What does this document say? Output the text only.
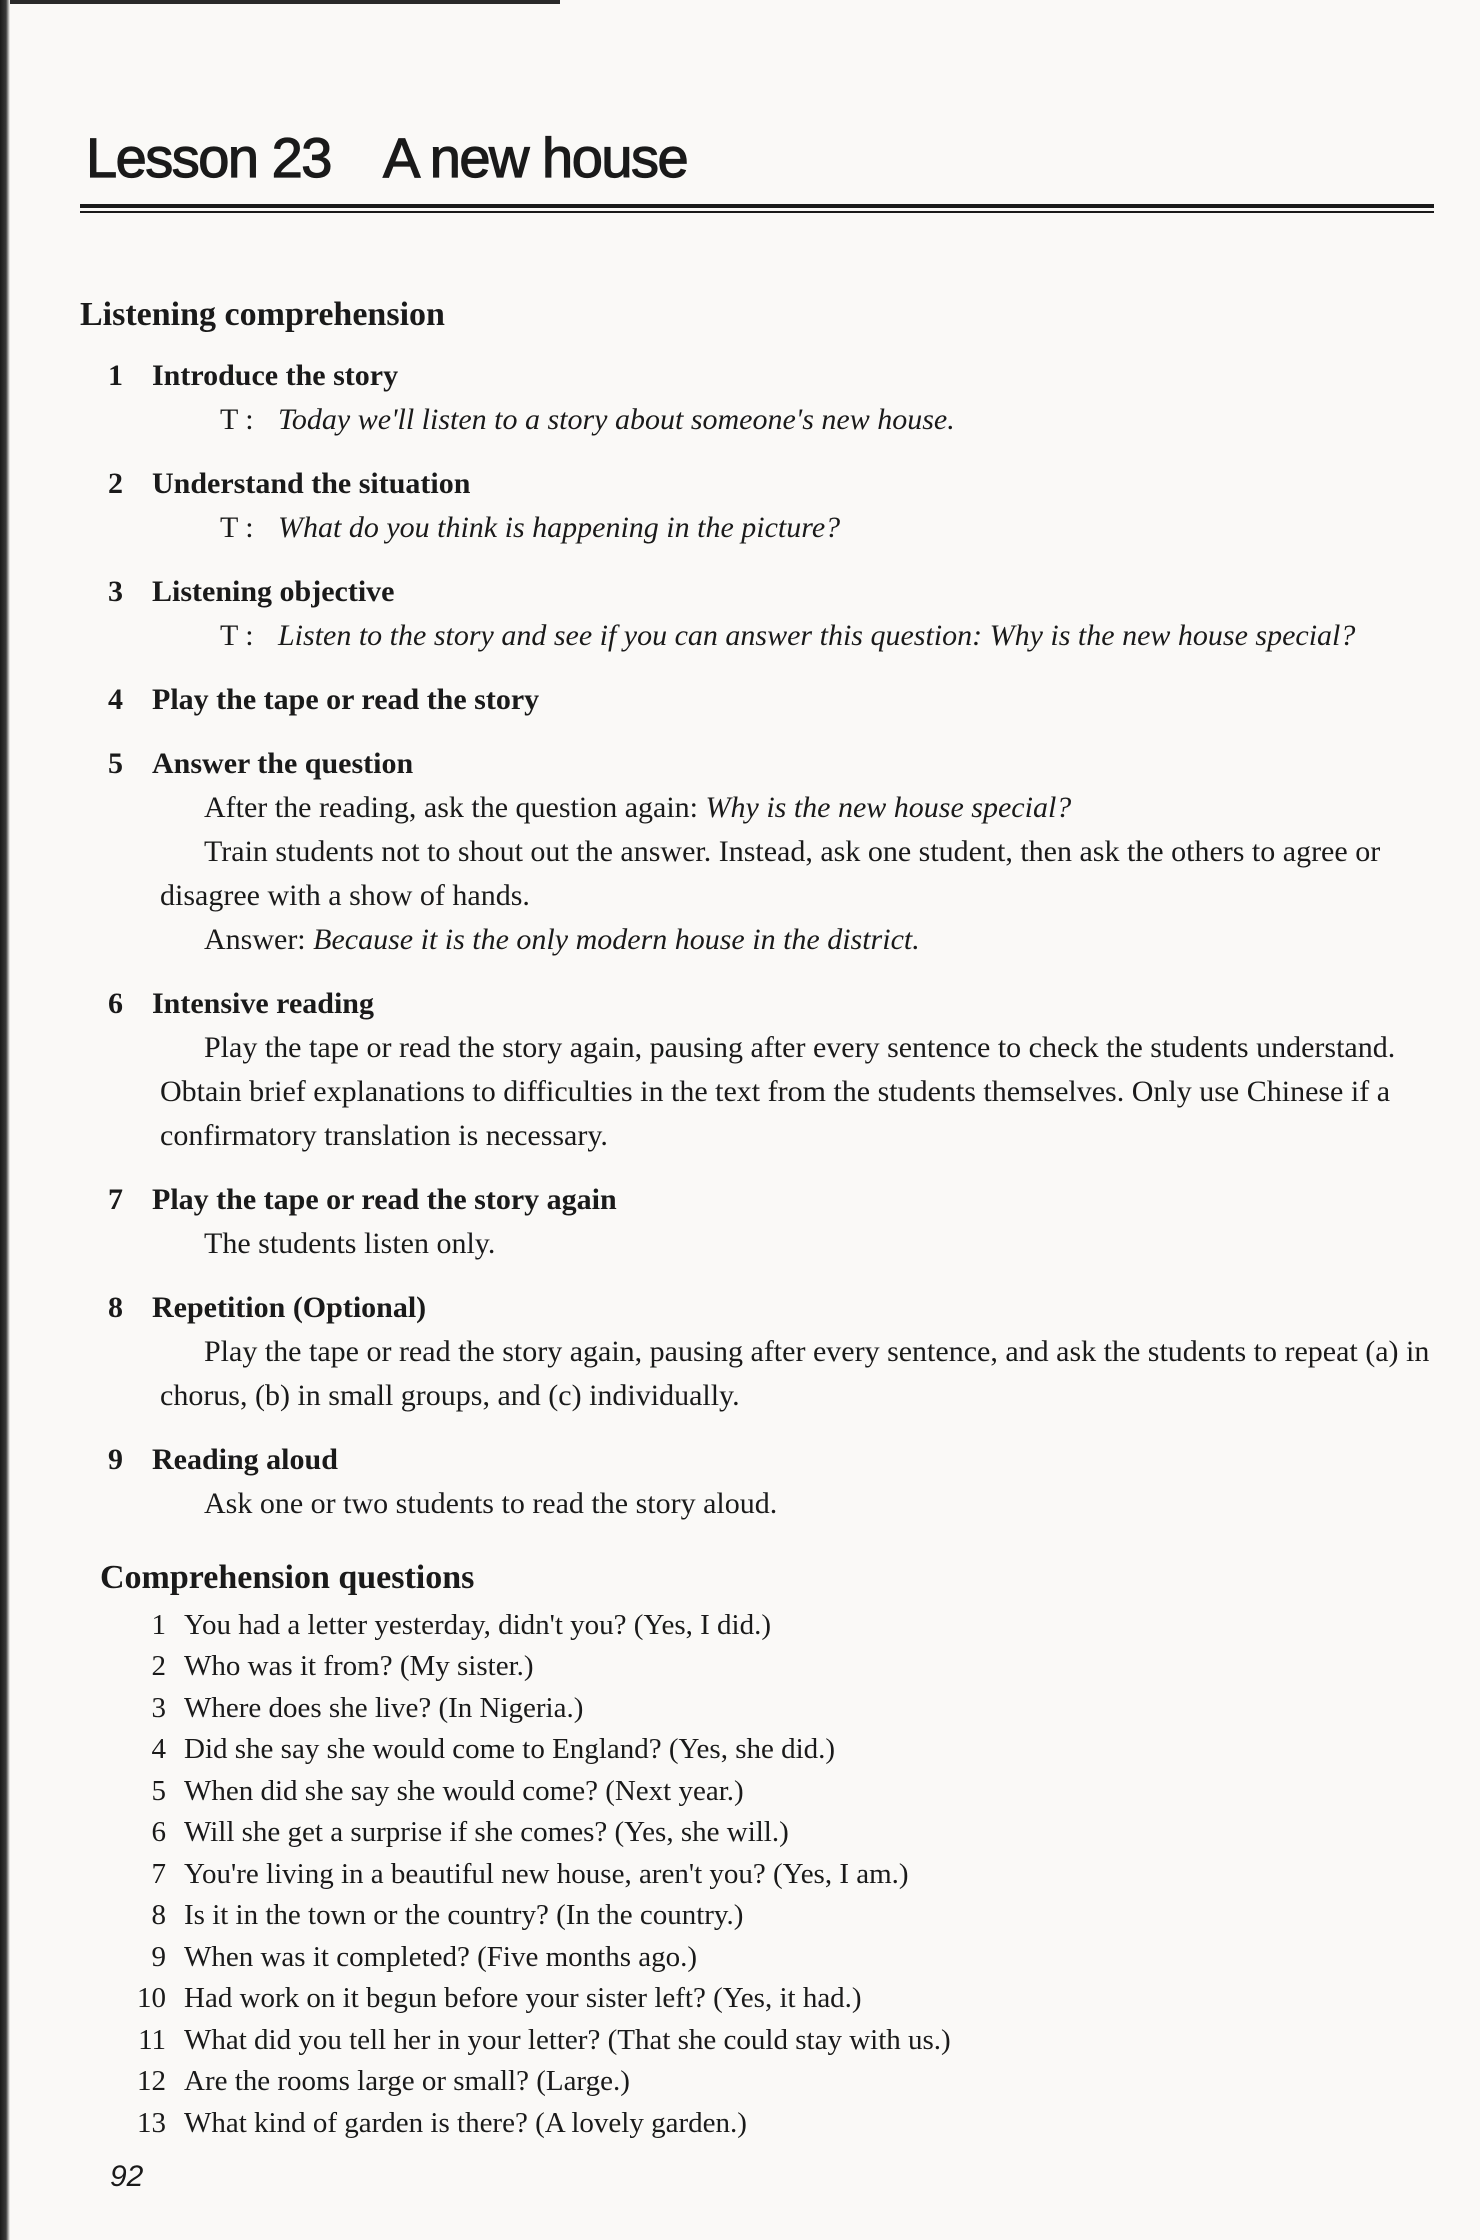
Lesson 23 A new house
Listening comprehension
1 Introduce the story
T : Today we'll listen to a story about someone's new house.
2 Understand the situation
T : What do you think is happening in the picture?
3 Listening objective
T : Listen to the story and see if you can answer this question: Why is the new house special?
4 Play the tape or read the story
5 Answer the question
After the reading, ask the question again: Why is the new house special?
Train students not to shout out the answer. Instead, ask one student, then ask the others to agree or disagree with a show of hands.
Answer: Because it is the only modern house in the district.
6 Intensive reading
Play the tape or read the story again, pausing after every sentence to check the students understand. Obtain brief explanations to difficulties in the text from the students themselves. Only use Chinese if a confirmatory translation is necessary.
7 Play the tape or read the story again
The students listen only.
8 Repetition (Optional)
Play the tape or read the story again, pausing after every sentence, and ask the students to repeat (a) in chorus, (b) in small groups, and (c) individually.
9 Reading aloud
Ask one or two students to read the story aloud.
Comprehension questions
1 You had a letter yesterday, didn't you? (Yes, I did.)
2 Who was it from? (My sister.)
3 Where does she live? (In Nigeria.)
4 Did she say she would come to England? (Yes, she did.)
5 When did she say she would come? (Next year.)
6 Will she get a surprise if she comes? (Yes, she will.)
7 You're living in a beautiful new house, aren't you? (Yes, I am.)
8 Is it in the town or the country? (In the country.)
9 When was it completed? (Five months ago.)
10 Had work on it begun before your sister left? (Yes, it had.)
11 What did you tell her in your letter? (That she could stay with us.)
12 Are the rooms large or small? (Large.)
13 What kind of garden is there? (A lovely garden.)
92
